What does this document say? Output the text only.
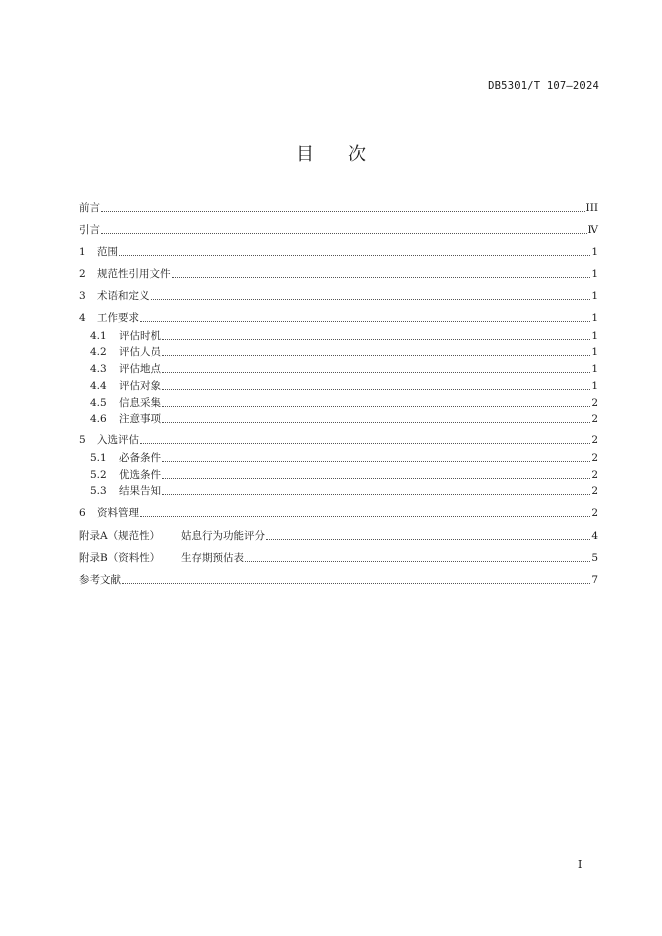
DB5301/T 107—2024
目 次
前言	III
引言	Ⅳ
1	范围	1
2	规范性引用文件	1
3	术语和定义	1
4	工作要求	1
4.1	评估时机	1
4.2	评估人员	1
4.3	评估地点	1
4.4	评估对象	1
4.5	信息采集	2
4.6	注意事项	2
5	入选评估	2
5.1	必备条件	2
5.2	优选条件	2
5.3	结果告知	2
6	资料管理	2
附录A（规范性）	姑息行为功能评分	4
附录B（资料性）	生存期预估表	5
参考文献	7
I
